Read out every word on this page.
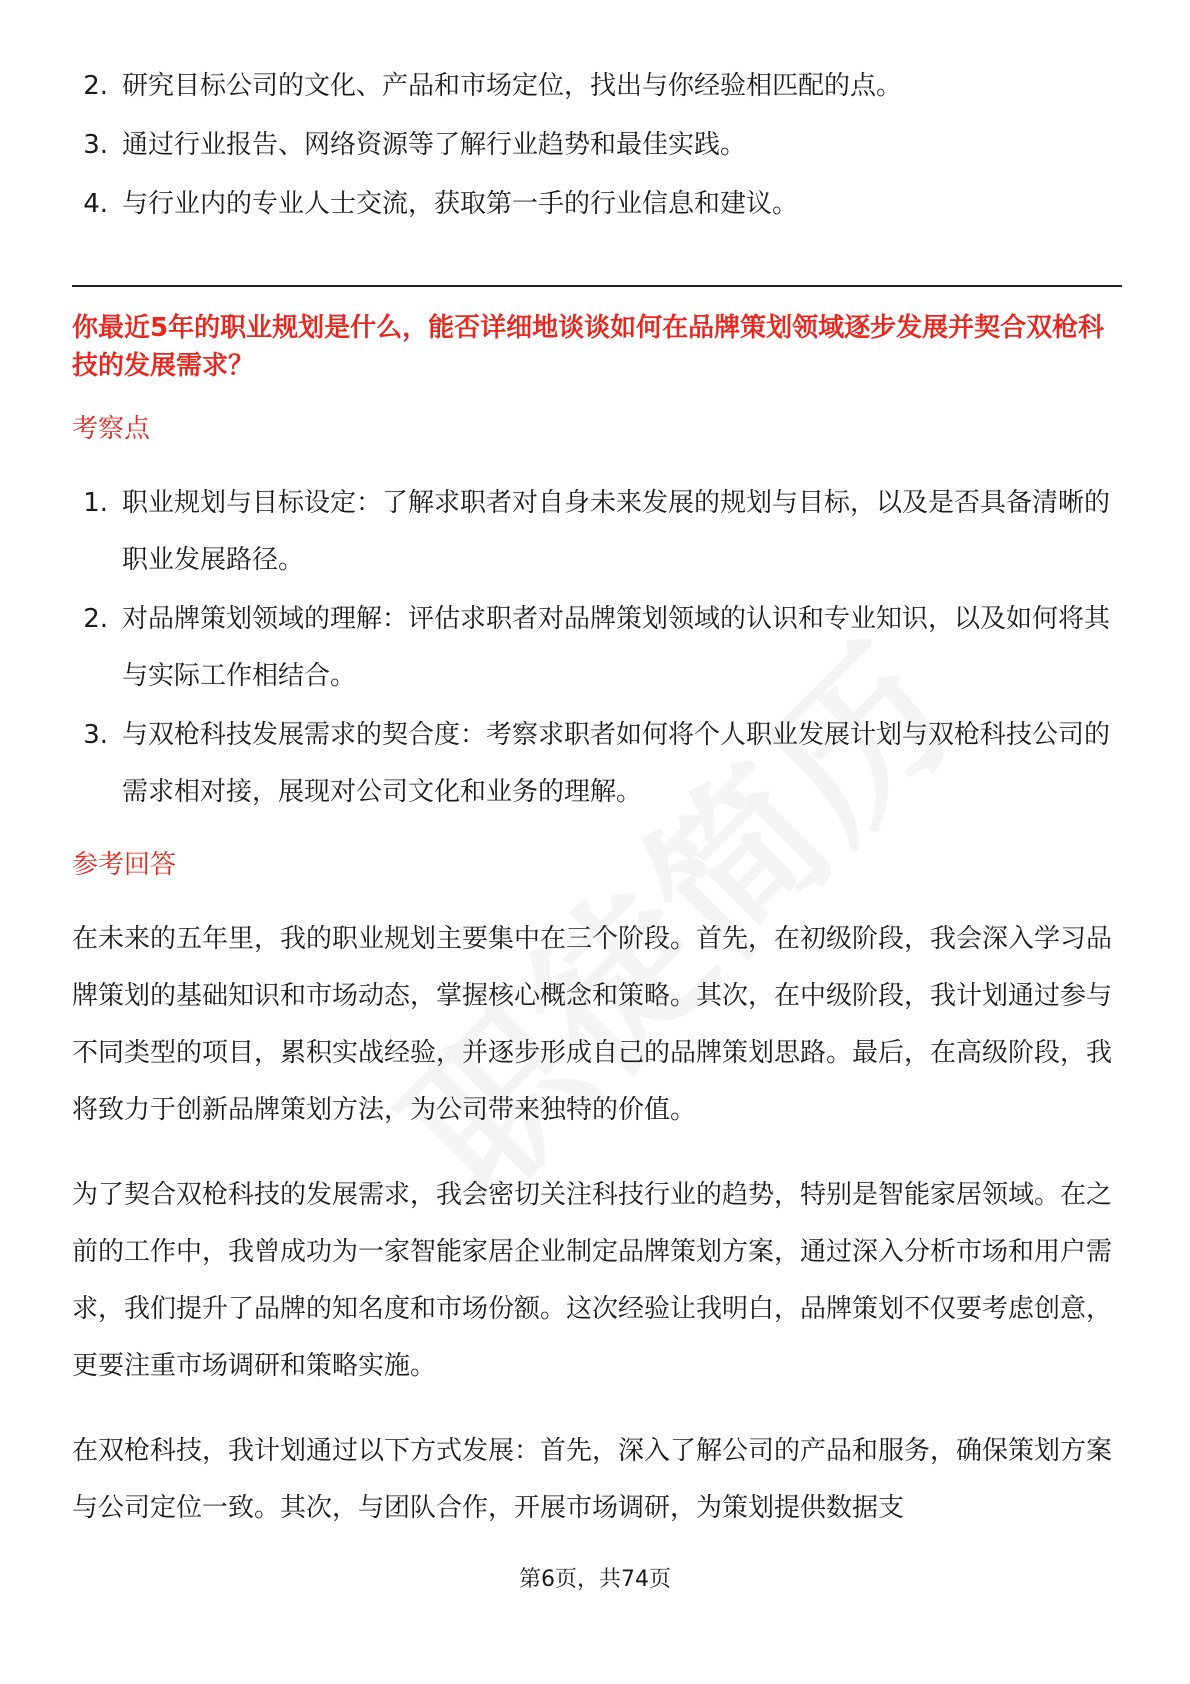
2. 研究目标公司的文化、产品和市场定位，找出与你经验相匹配的点。
3. 通过行业报告、网络资源等了解行业趋势和最佳实践。
4. 与行业内的专业人士交流，获取第一手的行业信息和建议。
你最近5年的职业规划是什么，能否详细地谈谈如何在品牌策划领域逐步发展并契合双枪科技的发展需求？
考察点
1. 职业规划与目标设定：了解求职者对自身未来发展的规划与目标，以及是否具备清晰的职业发展路径。
2. 对品牌策划领域的理解：评估求职者对品牌策划领域的认识和专业知识，以及如何将其与实际工作相结合。
3. 与双枪科技发展需求的契合度：考察求职者如何将个人职业发展计划与双枪科技公司的需求相对接，展现对公司文化和业务的理解。
参考回答

在未来的五年里，我的职业规划主要集中在三个阶段。首先，在初级阶段，我会深入学习品牌策划的基础知识和市场动态，掌握核心概念和策略。其次，在中级阶段，我计划通过参与不同类型的项目，累积实战经验，并逐步形成自己的品牌策划思路。最后，在高级阶段，我将致力于创新品牌策划方法，为公司带来独特的价值。

为了契合双枪科技的发展需求，我会密切关注科技行业的趋势，特别是智能家居领域。在之前的工作中，我曾成功为一家智能家居企业制定品牌策划方案，通过深入分析市场和用户需求，我们提升了品牌的知名度和市场份额。这次经验让我明白，品牌策划不仅要考虑创意，更要注重市场调研和策略实施。

在双枪科技，我计划通过以下方式发展：首先，深入了解公司的产品和服务，确保策划方案与公司定位一致。其次，与团队合作，开展市场调研，为策划提供数据支

第6页，共74页
